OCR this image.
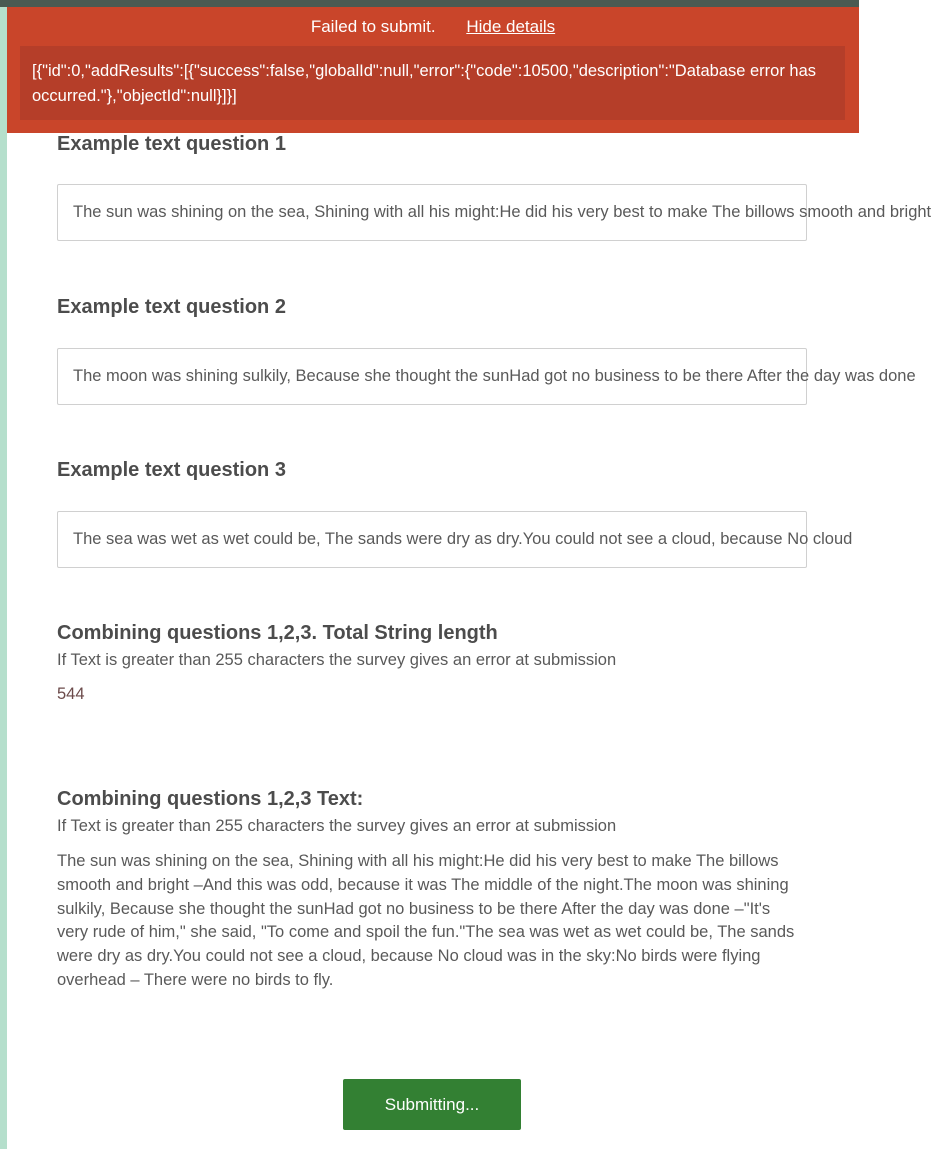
Failed to submit. Hide details
[{"id":0,"addResults":[{"success":false,"globalId":null,"error":{"code":10500,"description":"Database error has occurred."},"objectId":null}]}]
Example text question 1
The sun was shining on the sea, Shining with all his might:He did his very best to make The billows smooth and bright
Example text question 2
The moon was shining sulkily, Because she thought the sunHad got no business to be there After the day was done
Example text question 3
The sea was wet as wet could be, The sands were dry as dry.You could not see a cloud, because No cloud
Combining questions 1,2,3. Total String length
If Text is greater than 255 characters the survey gives an error at submission
544
Combining questions 1,2,3 Text:
If Text is greater than 255 characters the survey gives an error at submission
The sun was shining on the sea, Shining with all his might:He did his very best to make The billows smooth and bright –And this was odd, because it was The middle of the night.The moon was shining sulkily, Because she thought the sunHad got no business to be there After the day was done –"It's very rude of him," she said, "To come and spoil the fun."The sea was wet as wet could be, The sands were dry as dry.You could not see a cloud, because No cloud was in the sky:No birds were flying overhead – There were no birds to fly.
Submitting...
